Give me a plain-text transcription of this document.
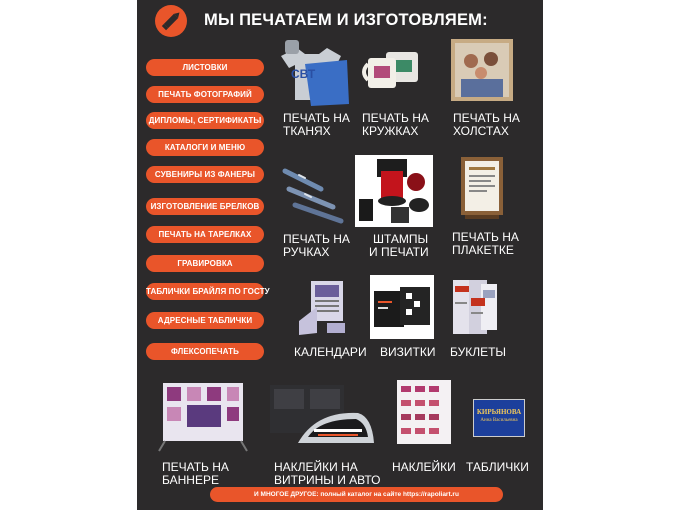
МЫ ПЕЧАТАЕМ И ИЗГОТОВЛЯЕМ:
ЛИСТОВКИ
ПЕЧАТЬ ФОТОГРАФИЙ
ДИПЛОМЫ, СЕРТИФИКАТЫ
КАТАЛОГИ И МЕНЮ
СУВЕНИРЫ ИЗ ФАНЕРЫ
ИЗГОТОВЛЕНИЕ БРЕЛКОВ
ПЕЧАТЬ НА ТАРЕЛКАХ
ГРАВИРОВКА
ТАБЛИЧКИ БРАЙЛЯ ПО ГОСТУ
АДРЕСНЫЕ ТАБЛИЧКИ
ФЛЕКСОПЕЧАТЬ
СВТ
ПЕЧАТЬ НА
ТКАНЯХ
ПЕЧАТЬ НА
КРУЖКАХ
ПЕЧАТЬ НА
ХОЛСТАХ
ПЕЧАТЬ НА
РУЧКАХ
ШТАМПЫ
И ПЕЧАТИ
ПЕЧАТЬ НА
ПЛАКЕТКЕ
КАЛЕНДАРИ ВИЗИТКИ БУКЛЕТЫ
ПЕЧАТЬ НА
БАННЕРЕ
НАКЛЕЙКИ НА
ВИТРИНЫ И АВТО
НАКЛЕЙКИ
КИРЬЯНОВА
Анна Васильевна
ТАБЛИЧКИ
И МНОГОЕ ДРУГОЕ: полный каталог на сайте https://rapoliart.ru
